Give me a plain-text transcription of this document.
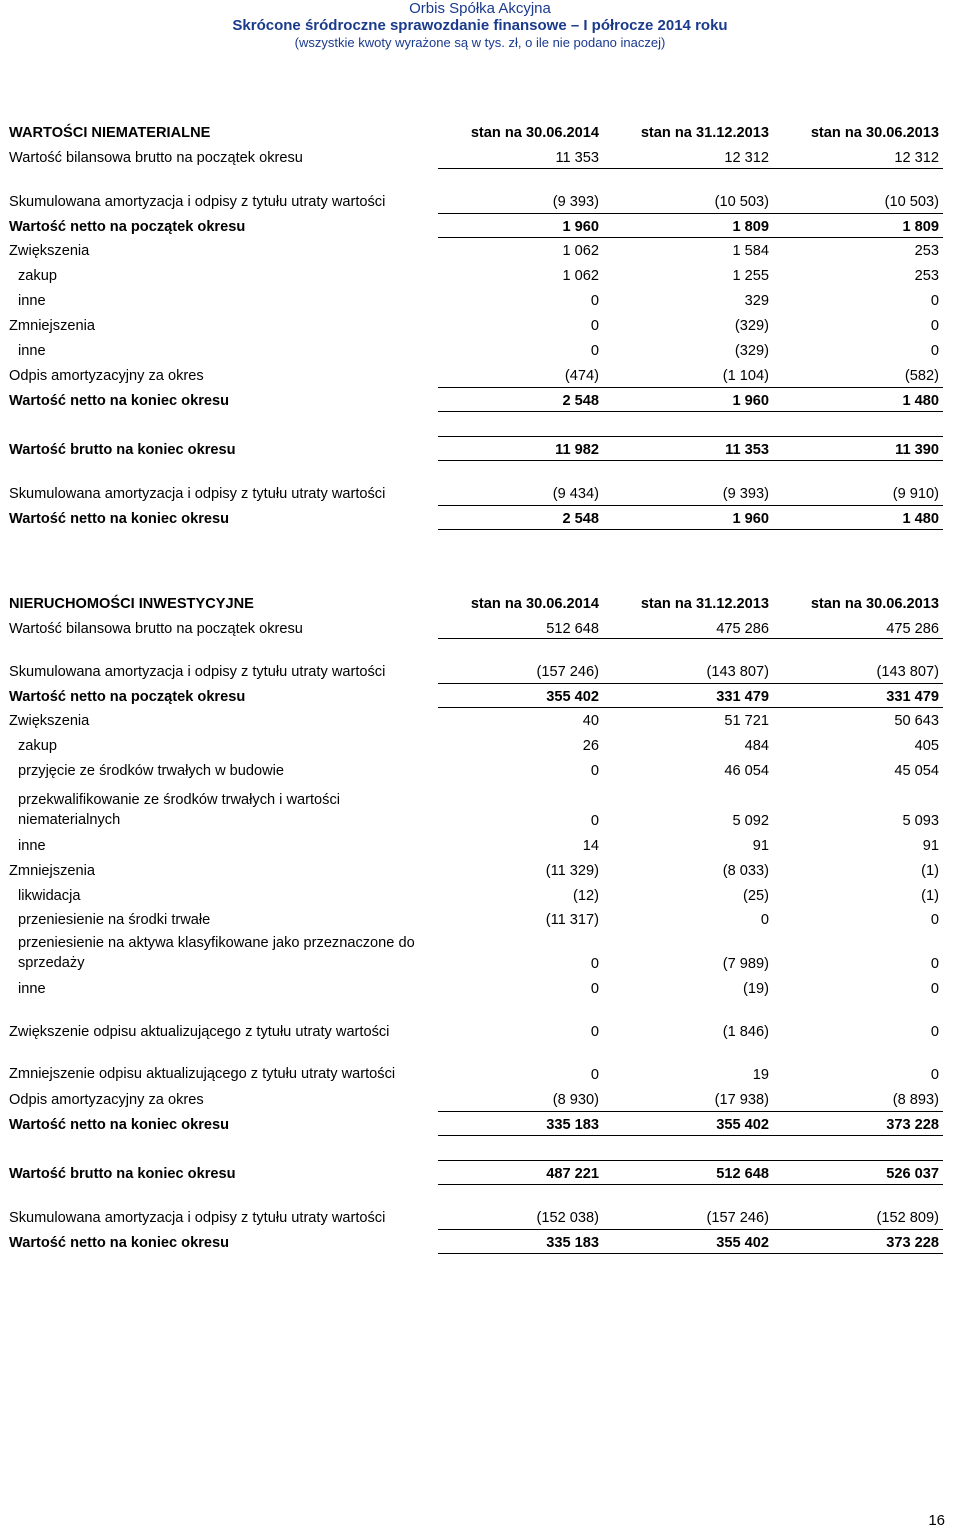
Orbis Spółka Akcyjna
Skrócone śródroczne sprawozdanie finansowe – I półrocze 2014 roku
(wszystkie kwoty wyrażone są w tys. zł, o ile nie podano inaczej)
WARTOŚCI NIEMATERIALNE	stan na 30.06.2014	stan na 31.12.2013	stan na 30.06.2013
Wartość bilansowa brutto na początek okresu	11 353	12 312	12 312
Skumulowana amortyzacja i odpisy z tytułu utraty wartości	(9 393)	(10 503)	(10 503)
Wartość netto na początek okresu	1 960	1 809	1 809
Zwiększenia	1 062	1 584	253
zakup	1 062	1 255	253
inne	0	329	0
Zmniejszenia	0	(329)	0
inne	0	(329)	0
Odpis amortyzacyjny za okres	(474)	(1 104)	(582)
Wartość netto na koniec okresu	2 548	1 960	1 480
Wartość brutto na koniec okresu	11 982	11 353	11 390
Skumulowana amortyzacja i odpisy z tytułu utraty wartości	(9 434)	(9 393)	(9 910)
Wartość netto na koniec okresu	2 548	1 960	1 480
NIERUCHOMOŚCI INWESTYCYJNE	stan na 30.06.2014	stan na 31.12.2013	stan na 30.06.2013
Wartość bilansowa brutto na początek okresu	512 648	475 286	475 286
Skumulowana amortyzacja i odpisy z tytułu utraty wartości	(157 246)	(143 807)	(143 807)
Wartość netto na początek okresu	355 402	331 479	331 479
Zwiększenia	40	51 721	50 643
zakup	26	484	405
przyjęcie ze środków trwałych w budowie	0	46 054	45 054
przekwalifikowanie ze środków trwałych i wartości niematerialnych	0	5 092	5 093
inne	14	91	91
Zmniejszenia	(11 329)	(8 033)	(1)
likwidacja	(12)	(25)	(1)
przeniesienie na środki trwałe	(11 317)	0	0
przeniesienie na aktywa klasyfikowane jako przeznaczone do sprzedaży	0	(7 989)	0
inne	0	(19)	0
Zwiększenie odpisu aktualizującego z tytułu utraty wartości	0	(1 846)	0
Zmniejszenie odpisu aktualizującego z tytułu utraty wartości	0	19	0
Odpis amortyzacyjny za okres	(8 930)	(17 938)	(8 893)
Wartość netto na koniec okresu	335 183	355 402	373 228
Wartość brutto na koniec okresu	487 221	512 648	526 037
Skumulowana amortyzacja i odpisy z tytułu utraty wartości	(152 038)	(157 246)	(152 809)
Wartość netto na koniec okresu	335 183	355 402	373 228
16
